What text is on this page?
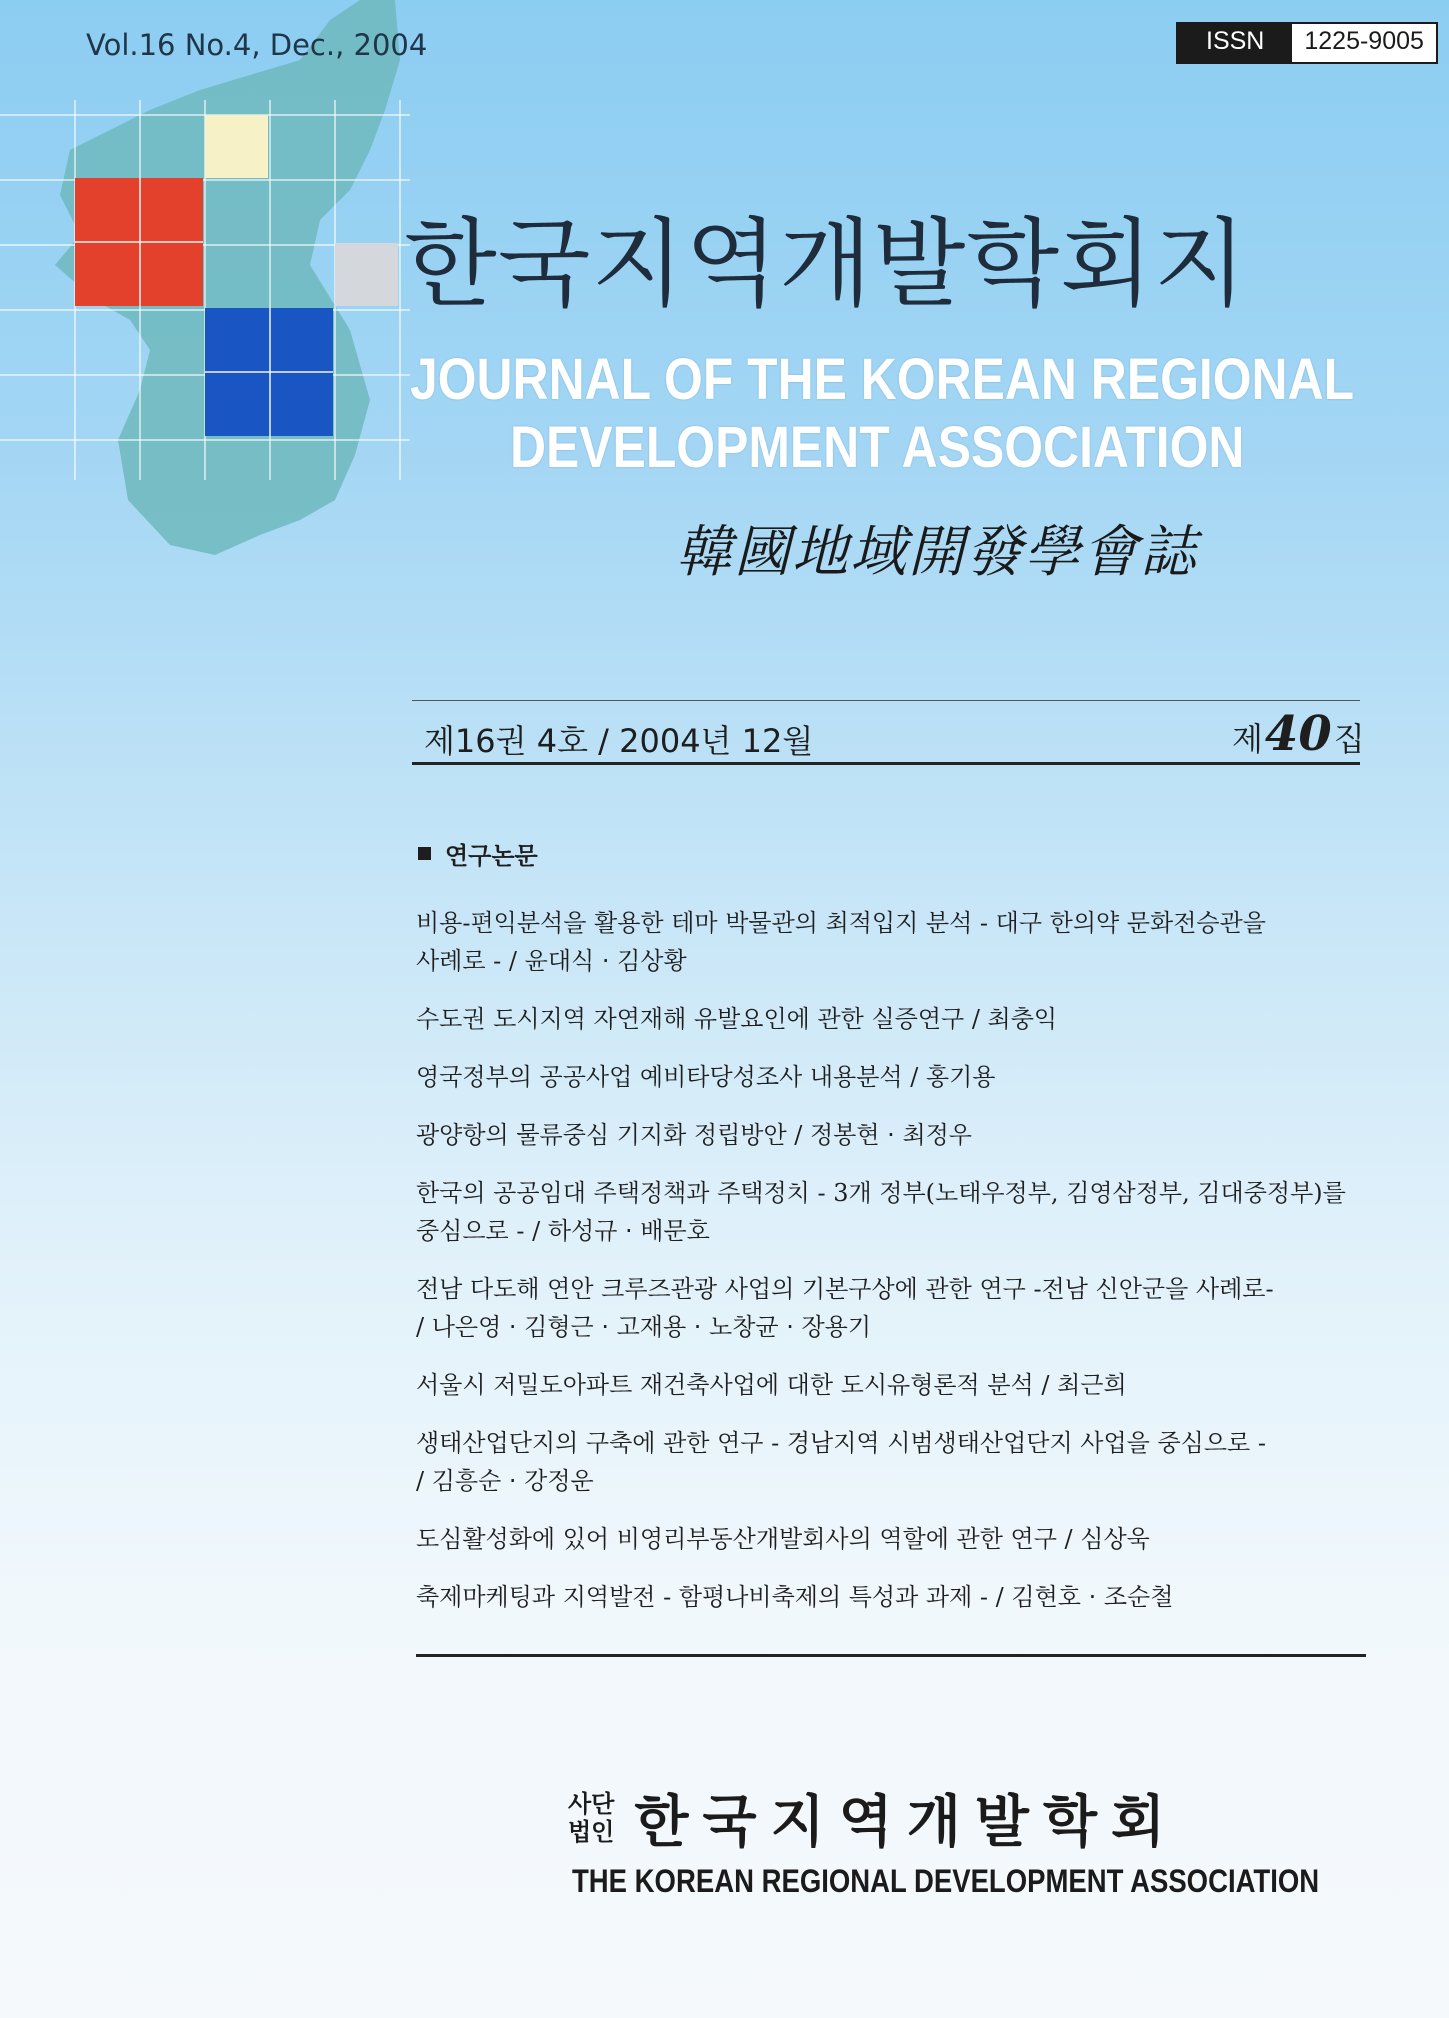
Vol.16 No.4, Dec., 2004	ISSN	1225-9005
한국지역개발학회지
JOURNAL OF THE KOREAN REGIONAL
DEVELOPMENT ASSOCIATION
韓國地域開發學會誌
제16권 4호 / 2004년 12월	제 40 집
연구논문
비용-편익분석을 활용한 테마 박물관의 최적입지 분석 - 대구 한의약 문화전승관을
사례로 - / 윤대식 · 김상황
수도권 도시지역 자연재해 유발요인에 관한 실증연구 / 최충익
영국정부의 공공사업 예비타당성조사 내용분석 / 홍기용
광양항의 물류중심 기지화 정립방안 / 정봉현 · 최정우
한국의 공공임대 주택정책과 주택정치 - 3개 정부(노태우정부, 김영삼정부, 김대중정부)를
중심으로 - / 하성규 · 배문호
전남 다도해 연안 크루즈관광 사업의 기본구상에 관한 연구 -전남 신안군을 사례로-
/ 나은영 · 김형근 · 고재용 · 노창균 · 장용기
서울시 저밀도아파트 재건축사업에 대한 도시유형론적 분석 / 최근희
생태산업단지의 구축에 관한 연구 - 경남지역 시범생태산업단지 사업을 중심으로 -
/ 김흥순 · 강정운
도심활성화에 있어 비영리부동산개발회사의 역할에 관한 연구 / 심상욱
축제마케팅과 지역발전 - 함평나비축제의 특성과 과제 - / 김현호 · 조순철
사단
법인 한국지역개발학회
THE KOREAN REGIONAL DEVELOPMENT ASSOCIATION
